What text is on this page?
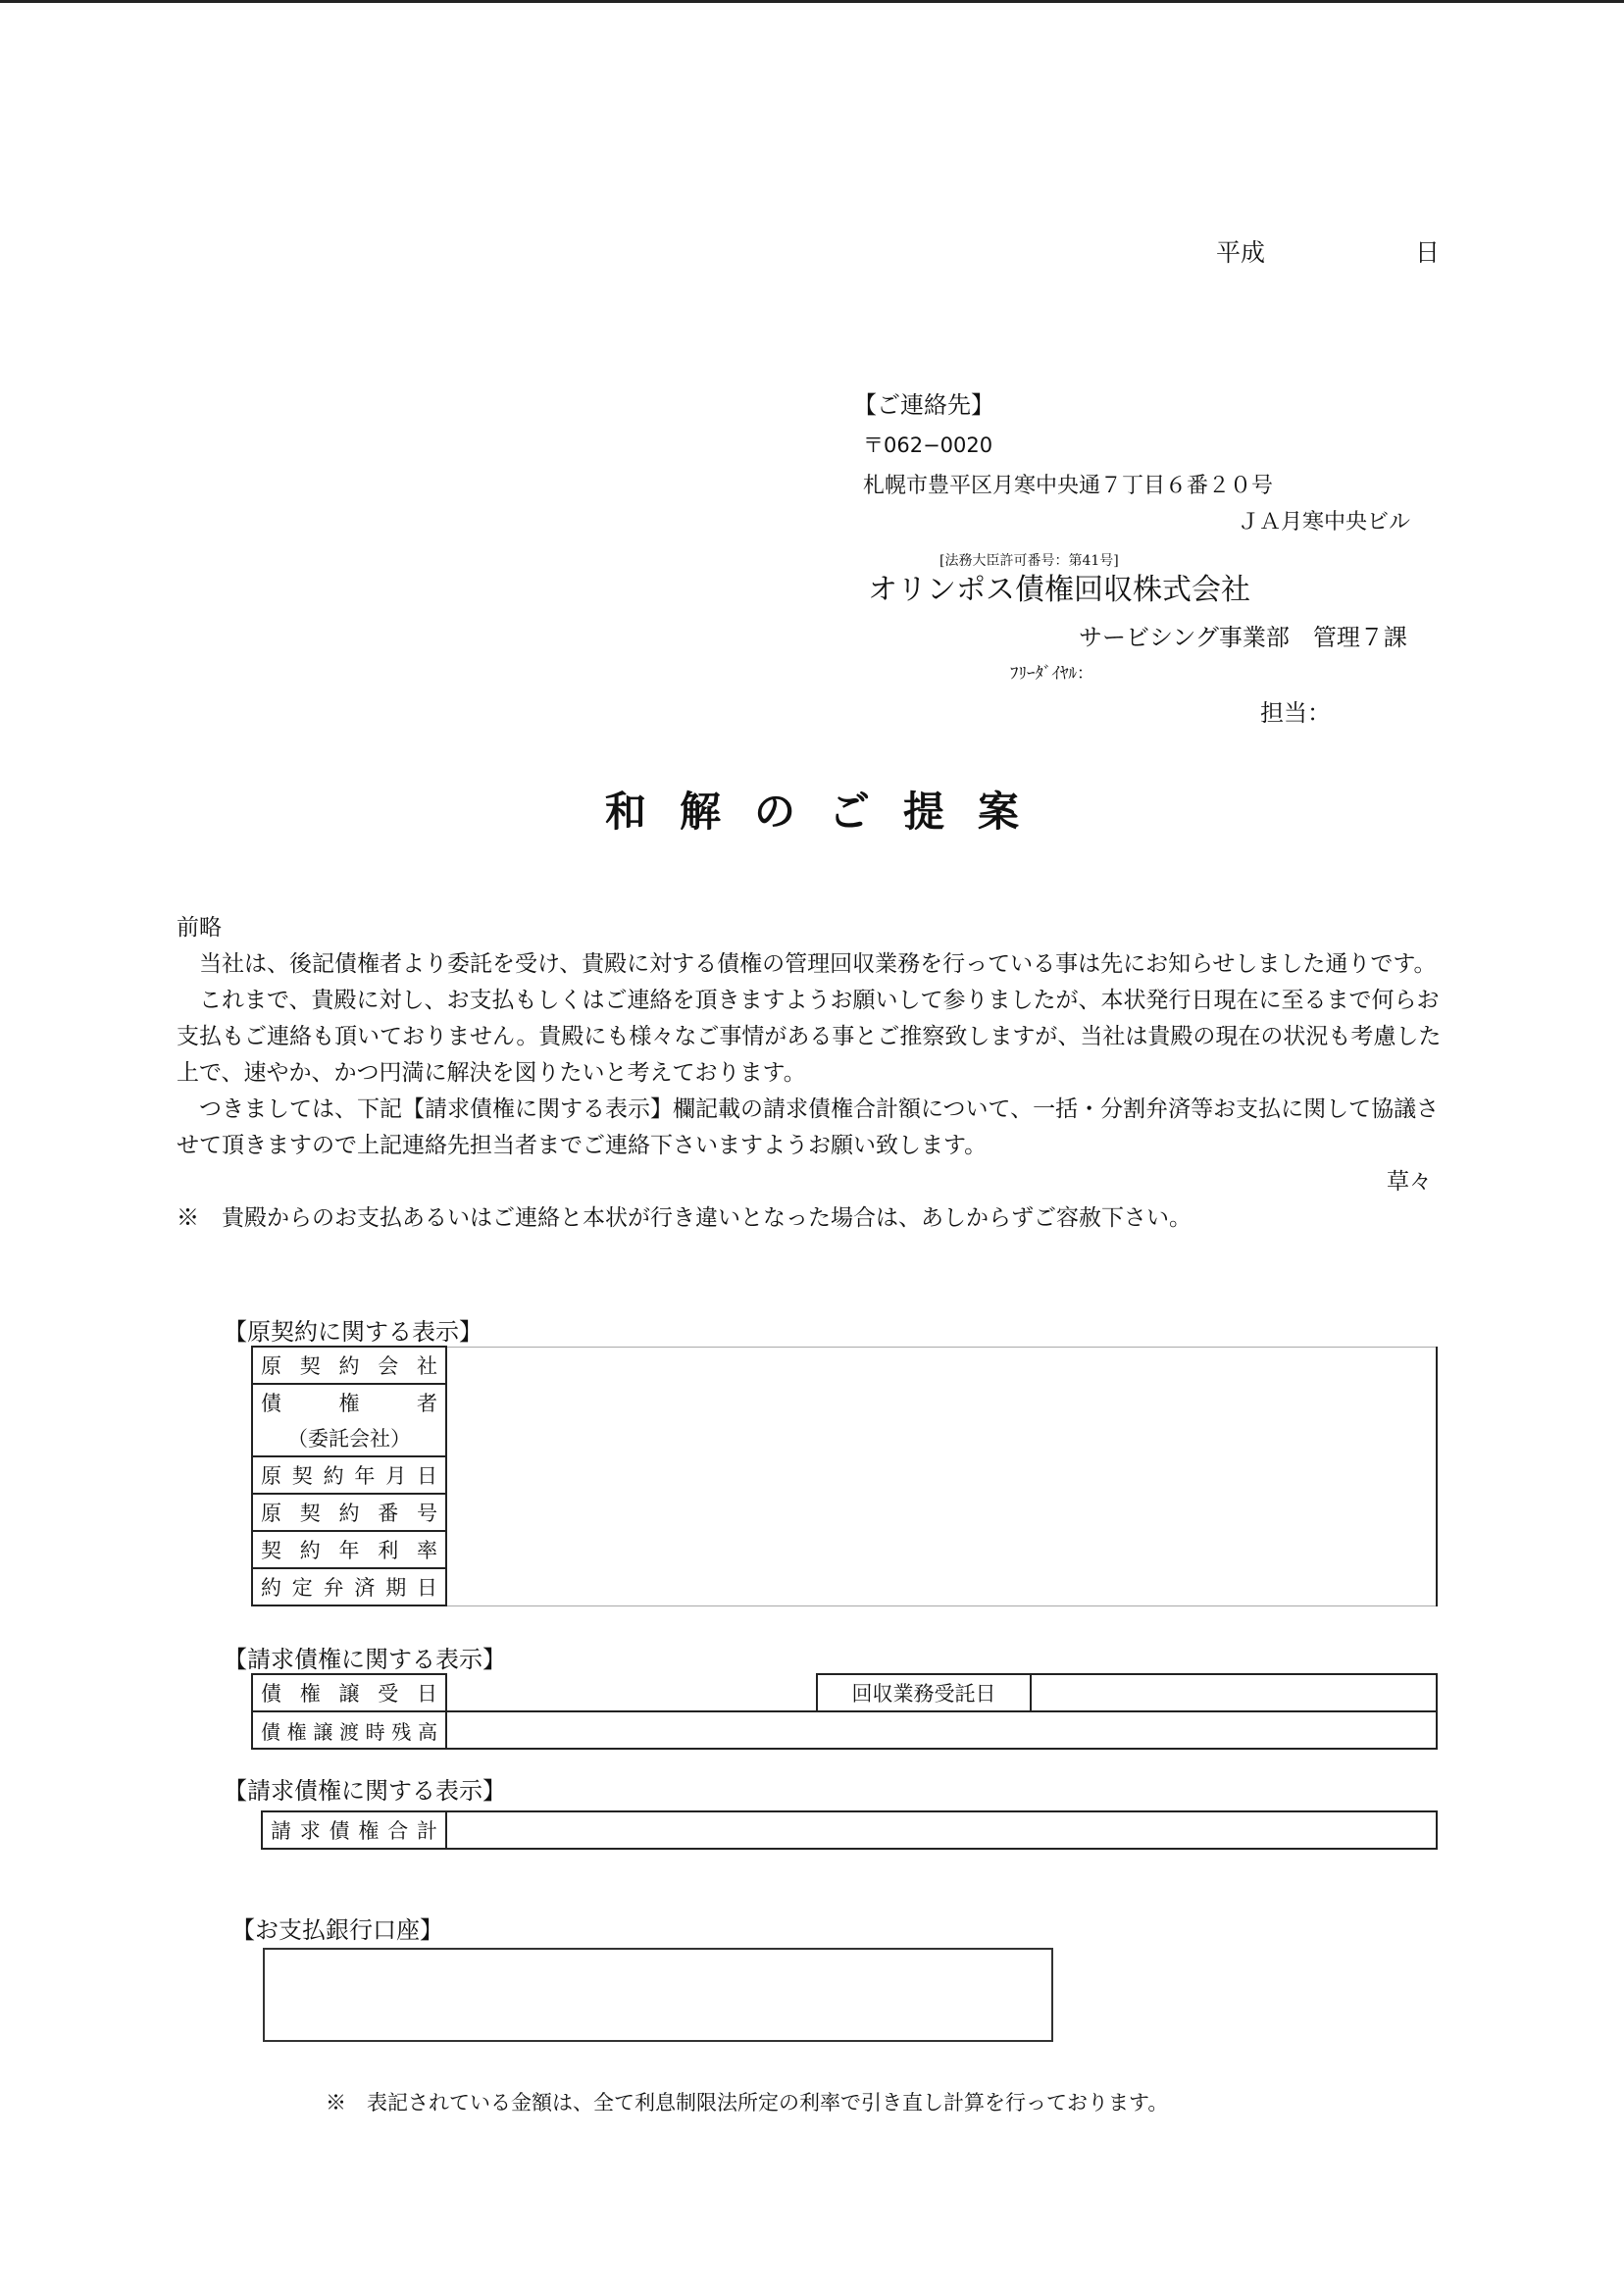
平成	日
【ご連絡先】
〒062−0020
札幌市豊平区月寒中央通７丁目６番２０号
ＪＡ月寒中央ビル
[法務大臣許可番号：第41号]
オリンポス債権回収株式会社
サービシング事業部　管理７課
ﾌﾘｰﾀﾞｲﾔﾙ：
担当：
和解のご提案

前略

当社は、後記債権者より委託を受け、貴殿に対する債権の管理回収業務を行っている事は先にお知らせしました通りです。

これまで、貴殿に対し、お支払もしくはご連絡を頂きますようお願いして参りましたが、本状発行日現在に至るまで何らお支払もご連絡も頂いておりません。貴殿にも様々なご事情がある事とご推察致しますが、当社は貴殿の現在の状況も考慮した上で、速やか、かつ円満に解決を図りたいと考えております。

つきましては、下記【請求債権に関する表示】欄記載の請求債権合計額について、一括・分割弁済等お支払に関して協議させて頂きますので上記連絡先担当者までご連絡下さいますようお願い致します。

草々

※　貴殿からのお支払あるいはご連絡と本状が行き違いとなった場合は、あしからずご容赦下さい。

【原契約に関する表示】
原契約会社	
債権者
（委託会社）
原契約年月日
原契約番号
契約年利率
約定弁済期日
【請求債権に関する表示】
債権譲受日		回収業務受託日	
債権譲渡時残高			
【請求債権に関する表示】
請求債権合計	
【お支払銀行口座】
※　表記されている金額は、全て利息制限法所定の利率で引き直し計算を行っております。
